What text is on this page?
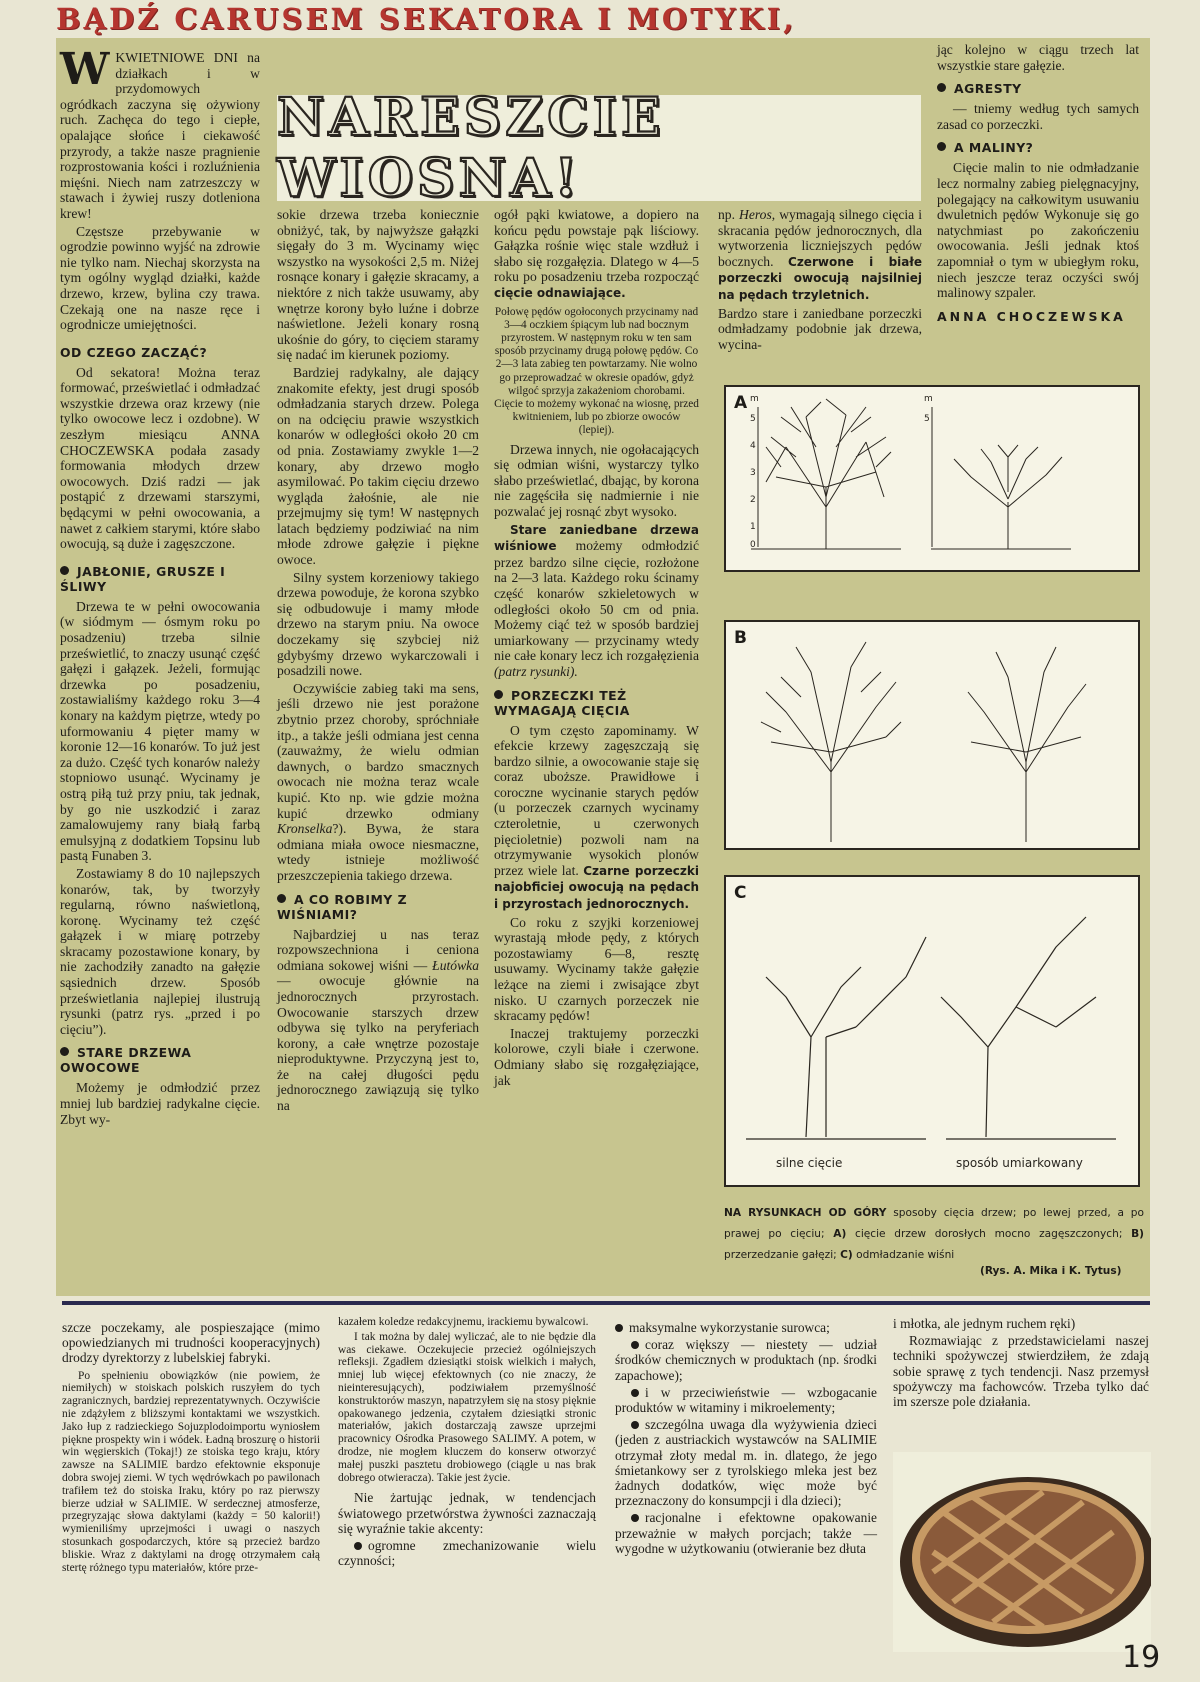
BĄDŹ CARUSEM SEKATORA I MOTYKI,
NARESZCIE WIOSNA!

WKWIETNIOWE DNI na działkach i w przydomowych ogródkach zaczyna się ożywiony ruch. Zachęca do tego i ciepłe, opalające słońce i ciekawość przyrody, a także nasze pragnienie rozprostowania kości i rozluźnienia mięśni. Niech nam zatrzeszczy w stawach i żywiej ruszy dotleniona krew!

Częstsze przebywanie w ogrodzie powinno wyjść na zdrowie nie tylko nam. Niechaj skorzysta na tym ogólny wygląd działki, każde drzewo, krzew, bylina czy trawa. Czekają one na nasze ręce i ogrodnicze umiejętności.

OD CZEGO ZACZĄĆ?

Od sekatora! Można teraz formować, prześwietlać i odmładzać wszystkie drzewa oraz krzewy (nie tylko owocowe lecz i ozdobne). W zeszłym miesiącu ANNA CHOCZEWSKA podała zasady formowania młodych drzew owocowych. Dziś radzi — jak postąpić z drzewami starszymi, będącymi w pełni owocowania, a nawet z całkiem starymi, które słabo owocują, są duże i zagęszczone.

JABŁONIE, GRUSZE I ŚLIWY

Drzewa te w pełni owocowania (w siódmym — ósmym roku po posadzeniu) trzeba silnie prześwietlić, to znaczy usunąć część gałęzi i gałązek. Jeżeli, formując drzewka po posadzeniu, zostawialiśmy każdego roku 3—4 konary na każdym piętrze, wtedy po uformowaniu 4 pięter mamy w koronie 12—16 konarów. To już jest za dużo. Część tych konarów należy stopniowo usunąć. Wycinamy je ostrą piłą tuż przy pniu, tak jednak, by go nie uszkodzić i zaraz zamalowujemy rany białą farbą emulsyjną z dodatkiem Topsinu lub pastą Funaben 3.

Zostawiamy 8 do 10 najlepszych konarów, tak, by tworzyły regularną, równo naświetloną, koronę. Wycinamy też część gałązek i w miarę potrzeby skracamy pozostawione konary, by nie zachodziły zanadto na gałęzie sąsiednich drzew. Sposób prześwietlania najlepiej ilustrują rysunki (patrz rys. „przed i po cięciu”).

STARE DRZEWA OWOCOWE

Możemy je odmłodzić przez mniej lub bardziej radykalne cięcie. Zbyt wy-

sokie drzewa trzeba koniecznie obniżyć, tak, by najwyższe gałązki sięgały do 3 m. Wycinamy więc wszystko na wysokości 2,5 m. Niżej rosnące konary i gałęzie skracamy, a niektóre z nich także usuwamy, aby wnętrze korony było luźne i dobrze naświetlone. Jeżeli konary rosną ukośnie do góry, to cięciem staramy się nadać im kierunek poziomy.

Bardziej radykalny, ale dający znakomite efekty, jest drugi sposób odmładzania starych drzew. Polega on na odcięciu prawie wszystkich konarów w odległości około 20 cm od pnia. Zostawiamy zwykle 1—2 konary, aby drzewo mogło asymilować. Po takim cięciu drzewo wygląda żałośnie, ale nie przejmujmy się tym! W następnych latach będziemy podziwiać na nim młode zdrowe gałęzie i piękne owoce.

Silny system korzeniowy takiego drzewa powoduje, że korona szybko się odbudowuje i mamy młode drzewo na starym pniu. Na owoce doczekamy się szybciej niż gdybyśmy drzewo wykarczowali i posadzili nowe.

Oczywiście zabieg taki ma sens, jeśli drzewo nie jest porażone zbytnio przez choroby, spróchniałe itp., a także jeśli odmiana jest cenna (zauważmy, że wielu odmian dawnych, o bardzo smacznych owocach nie można teraz wcale kupić. Kto np. wie gdzie można kupić drzewko odmiany Kronselka?). Bywa, że stara odmiana miała owoce niesmaczne, wtedy istnieje możliwość przeszczepienia takiego drzewa.

A CO ROBIMY Z WIŚNIAMI?

Najbardziej u nas teraz rozpowszechniona i ceniona odmiana sokowej wiśni — Łutówka — owocuje głównie na jednorocznych przyrostach. Owocowanie starszych drzew odbywa się tylko na peryferiach korony, a całe wnętrze pozostaje nieproduktywne. Przyczyną jest to, że na całej długości pędu jednorocznego zawiązują się tylko na

ogół pąki kwiatowe, a dopiero na końcu pędu powstaje pąk liściowy. Gałązka rośnie więc stale wzdłuż i słabo się rozgałęzia. Dlatego w 4—5 roku po posadzeniu trzeba rozpocząć cięcie odnawiające.

Połowę pędów ogołoconych przycinamy nad 3—4 oczkiem śpiącym lub nad bocznym przyrostem. W następnym roku w ten sam sposób przycinamy drugą połowę pędów. Co 2—3 lata zabieg ten powtarzamy. Nie wolno go przeprowadzać w okresie opadów, gdyż wilgoć sprzyja zakażeniom chorobami. Cięcie to możemy wykonać na wiosnę, przed kwitnieniem, lub po zbiorze owoców (lepiej).

Drzewa innych, nie ogołacających się odmian wiśni, wystarczy tylko słabo prześwietlać, dbając, by korona nie zagęściła się nadmiernie i nie pozwalać jej rosnąć zbyt wysoko.

Stare zaniedbane drzewa wiśniowe możemy odmłodzić przez bardzo silne cięcie, rozłożone na 2—3 lata. Każdego roku ścinamy część konarów szkieletowych w odległości około 50 cm od pnia. Możemy ciąć też w sposób bardziej umiarkowany — przycinamy wtedy nie całe konary lecz ich rozgałęzienia (patrz rysunki).

PORZECZKI TEŻ WYMAGAJĄ CIĘCIA

O tym często zapominamy. W efekcie krzewy zagęszczają się bardzo silnie, a owocowanie staje się coraz uboższe. Prawidłowe i coroczne wycinanie starych pędów (u porzeczek czarnych wycinamy czteroletnie, u czerwonych pięcioletnie) pozwoli nam na otrzymywanie wysokich plonów przez wiele lat. Czarne porzeczki najobficiej owocują na pędach i przyrostach jednorocznych.

Co roku z szyjki korzeniowej wyrastają młode pędy, z których pozostawiamy 6—8, resztę usuwamy. Wycinamy także gałęzie leżące na ziemi i zwisające zbyt nisko. U czarnych porzeczek nie skracamy pędów!

Inaczej traktujemy porzeczki kolorowe, czyli białe i czerwone. Odmiany słabo się rozgałęziające, jak

np. Heros, wymagają silnego cięcia i skracania pędów jednorocznych, dla wytworzenia liczniejszych pędów bocznych. Czerwone i białe porzeczki owocują najsilniej na pędach trzyletnich.

Bardzo stare i zaniedbane porzeczki odmładzamy podobnie jak drzewa, wycina-

jąc kolejno w ciągu trzech lat wszystkie stare gałęzie.

AGRESTY

— tniemy według tych samych zasad co porzeczki.

A MALINY?

Cięcie malin to nie odmładzanie lecz normalny zabieg pielęgnacyjny, polegający na całkowitym usuwaniu dwuletnich pędów Wykonuje się go natychmiast po zakończeniu owocowania. Jeśli jednak ktoś zapomniał o tym w ubiegłym roku, niech jeszcze teraz oczyści swój malinowy szpaler.

ANNA CHOCZEWSKA
A m
5
4
3
2
1
0
m
5
B
C
silne cięcie	sposób umiarkowany
NA RYSUNKACH OD GÓRY sposoby cięcia drzew; po lewej przed, a po prawej po cięciu; A) cięcie drzew dorosłych mocno zagęszczonych; B) przerzedzanie gałęzi; C) odmładzanie wiśni
(Rys. A. Mika i K. Tytus)

szcze poczekamy, ale pospieszające (mimo opowiedzianych mi trudności kooperacyjnych) drodzy dyrektorzy z lubelskiej fabryki.

Po spełnieniu obowiązków (nie powiem, że niemiłych) w stoiskach polskich ruszyłem do tych zagranicznych, bardziej reprezentatywnych. Oczywiście nie zdążyłem z bliższymi kontaktami we wszystkich. Jako łup z radzieckiego Sojuzplodoimportu wyniosłem piękne prospekty win i wódek. Ładną broszurę o historii win węgierskich (Tokaj!) ze stoiska tego kraju, który zawsze na SALIMIE bardzo efektownie eksponuje dobra swojej ziemi. W tych wędrówkach po pawilonach trafiłem też do stoiska Iraku, który po raz pierwszy bierze udział w SALIMIE. W serdecznej atmosferze, przegryzając słowa daktylami (każdy = 50 kalorii!) wymieniliśmy uprzejmości i uwagi o naszych stosunkach gospodarczych, które są przecież bardzo bliskie. Wraz z daktylami na drogę otrzymałem całą stertę różnego typu materiałów, które prze-

kazałem koledze redakcyjnemu, irackiemu bywalcowi.

I tak można by dalej wyliczać, ale to nie będzie dla was ciekawe. Oczekujecie przecież ogólniejszych refleksji. Zgadłem dziesiątki stoisk wielkich i małych, mniej lub więcej efektownych (co nie znaczy, że nieinteresujących), podziwiałem przemyślność konstruktorów maszyn, napatrzyłem się na stosy pięknie opakowanego jedzenia, czytałem dziesiątki stronic materiałów, jakich dostarczają zawsze uprzejmi pracownicy Ośrodka Prasowego SALIMY. A potem, w drodze, nie mogłem kluczem do konserw otworzyć małej puszki pasztetu drobiowego (ciągle u nas brak dobrego otwieracza). Takie jest życie.

Nie żartując jednak, w tendencjach światowego przetwórstwa żywności zaznaczają się wyraźnie takie akcenty:

ogromne zmechanizowanie wielu czynności;

maksymalne wykorzystanie surowca;

coraz większy — niestety — udział środków chemicznych w produktach (np. środki zapachowe);

i w przeciwieństwie — wzbogacanie produktów w witaminy i mikroelementy;

szczególna uwaga dla wyżywienia dzieci (jeden z austriackich wystawców na SALIMIE otrzymał złoty medal m. in. dlatego, że jego śmietankowy ser z tyrolskiego mleka jest bez żadnych dodatków, więc może być przeznaczony do konsumpcji i dla dzieci);

racjonalne i efektowne opakowanie przeważnie w małych porcjach; także — wygodne w użytkowaniu (otwieranie bez dłuta

i młotka, ale jednym ruchem ręki)

Rozmawiając z przedstawicielami naszej techniki spożywczej stwierdziłem, że zdają sobie sprawę z tych tendencji. Nasz przemysł spożywczy ma fachowców. Trzeba tylko dać im szersze pole działania.

19
